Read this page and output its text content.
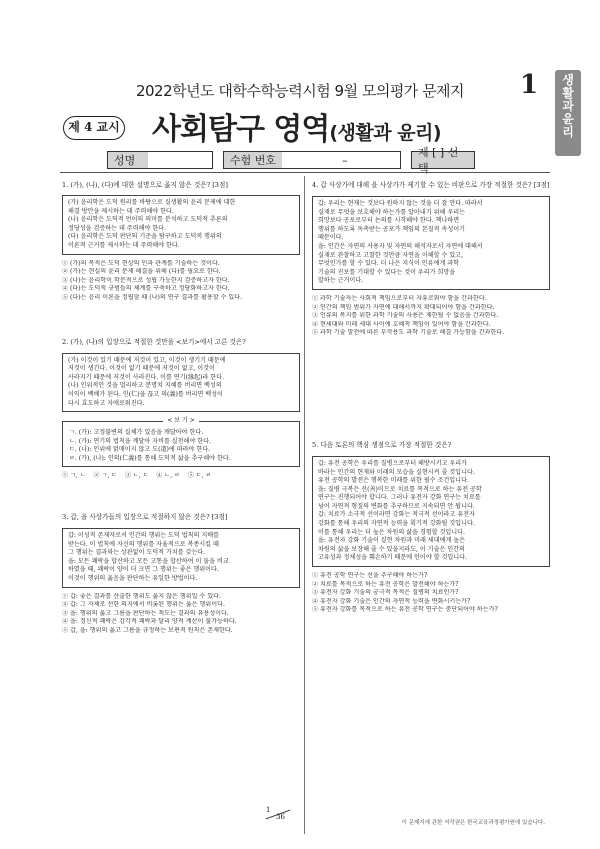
2022학년도 대학수학능력시험 9월 모의평가 문제지	1	생
활
과
윤
리
제 4 교시 사회탐구 영역(생활과 윤리)
성명	수험 번호	–
제 [ ] 선택
1. (가), (나), (다)에 대한 설명으로 옳지 않은 것은? [3점]

(가) 윤리학은 도덕 원리를 바탕으로 실생활의 윤리 문제에 대한

해결 방안을 제시하는 데 주력해야 한다.

(나) 윤리학은 도덕적 언어의 의미를 분석하고 도덕적 추론의

정당성을 검증하는 데 주력해야 한다.

(다) 윤리학은 도덕 판단의 기준을 탐구하고 도덕적 행위의

이론적 근거를 제시하는 데 주력해야 한다.

① (가)의 목적은 도덕 현상의 인과 관계를 기술하는 것이다.
② (가)는 현실의 윤리 문제 해결을 위해 (다)를 필요로 한다.
③ (나)는 윤리학이 학문적으로 성립 가능한지 검증하고자 한다.
④ (다)는 도덕적 규범들의 체계를 구축하고 정당화하고자 한다.
⑤ (다)는 윤리 이론을 정립할 때 (나)의 연구 결과를 활용할 수 있다.
2. (가), (나)의 입장으로 적절한 것만을 <보기>에서 고른 것은?

(가) 이것이 있기 때문에 저것이 있고, 이것이 생기기 때문에

저것이 생긴다. 이것이 없기 때문에 저것이 없고, 이것이

사라지기 때문에 저것이 사라진다. 이를 연기(緣起)라 한다.

(나) 인위적인 것을 멀리하고 분명치 지혜를 버리면 백성의

이익이 백배가 된다. 인(仁)을 끊고 의(義)를 버리면 백성이

다시 효도하고 자애로워진다.

< 보 기 >

ㄱ. (가): 고정불변의 실체가 있음을 깨달아야 한다.

ㄴ. (가): 연기의 법칙을 깨달아 자비를 실천해야 한다.

ㄷ. (나): 인위에 얽매이지 않고 도(道)에 따라야 한다.

ㄹ. (가), (나): 인의(仁義)를 통해 도덕적 삶을 추구해야 한다.

① ㄱ, ㄴ    ② ㄱ, ㄷ    ③ ㄴ, ㄷ    ④ ㄴ, ㄹ    ⑤ ㄷ, ㄹ
3. 갑, 을 사상가들의 입장으로 적절하지 않은 것은? [3점]

갑: 이성적 존재자로서 인간의 행위는 도덕 법칙의 지배를

받는다. 이 법칙에 자신의 행위를 자율적으로 복종시킬 때

그 행위는 결과와는 상관없이 도덕적 가치를 갖는다.

을: 모든 쾌락을 합산하고 모든 고통을 합산하여 이 둘을 비교

하였을 때, 쾌락이 양이 더 크면 그 행위는 좋은 행위이다.

이것이 행위의 옳음을 판단하는 유일한 방법이다.

① 갑: 좋은 결과를 산출한 행위도 옳지 않은 행위일 수 있다.
② 갑: 그 자체로 선한 의지에서 비롯된 행위는 옳은 행위이다.
③ 을: 행위의 옳고 그름을 판단하는 척도는 결과의 유용성이다.
④ 을: 정신적 쾌락은 감각적 쾌락과 달리 양적 계산이 불가능하다.
⑤ 갑, 을: 행위의 옳고 그름을 규정하는 보편적 원칙은 존재한다.
4. 갑 사상가에 대해 을 사상가가 제기할 수 있는 비판으로 가장 적절한 것은? [3점]

갑: 우리는 현재는 것보다 원하지 않는 것을 더 잘 안다. 따라서

실재로 무엇을 보호해야 하는가를 알아내기 위해 우리는

희망보다 공포로부터 논의를 시작해야 한다. 책나하면

행위를 하도록 독촉받는 공포가 책임의 본질적 속성이기

때문이다.

을: 인간은 자연의 사용자 및 자연의 해석자로서 자연에 대해서

실재로 관찰하고 고찰한 것만큼 자연을 이해할 수 있고,

무엇인가를 할 수 있다. 더 나은 지식이 인류에게 과학

기술의 진보를 기대할 수 있다는 것이 우리가 희망을

말하는 근거이다.

① 과학 기술자는 사회적 책임으로부터 자유로워야 함을 간과한다.
② 인간의 책임 범위가 자연에 대해서까지 확대되어야 함을 간과한다.
③ 인류의 복지를 위한 과학 기술의 사용은 제한될 수 없음을 간과한다.
④ 현세대와 미래 세대 사이에 호혜적 책임이 있어야 함을 간과한다.
⑤ 과학 기술 발전에 따른 부작용도 과학 기술로 해결 가능함을 간과한다.
5. 다음 토론의 핵심 쟁점으로 가장 적절한 것은?

갑: 유전 공학은 우리를 질병으로부터 해방시키고 우리가

바라는 인간의 현재와 미래의 모습을 실현시켜 줄 것입니다.

유전 공학의 발전은 행복한 미래를 위한 필수 조건입니다.

을: 질병 극복은 선(善)이므로 치료를 목적으로 하는 유전 공학

연구는 진행되어야 합니다. 그러나 유전자 강화 연구는 치료를

넘어 자연적 형질의 변화를 추구하므로 지속되면 안 됩니다.

갑: 치료가 소극적 선이라면 강화는 적극적 선이라고 유전자

강화를 통해 우리의 자연적 능력을 획기적 강화될 것입니다.

이를 통해 우리는 더 높은 차원의 삶을 경험할 것입니다.

을: 유전자 강화 기술이 실현 차원과 미래 세대에게 높은

차원의 삶을 보장해 줄 수 있을지라도, 이 기술은 인간의

고유성과 정체성을 훼손하기 때문에 인이야 할 것입니다.

① 유전 공학 연구는 선을 추구해야 하는가?
② 치료를 목적으로 하는 유전 공학은 발전해야 하는가?
③ 유전자 강화 기술의 궁극적 목적은 질병의 치료인가?
④ 유전자 강화 기술은 인간의 자연적 능력을 변화시키는가?
⑤ 유전자 강화를 목적으로 하는 유전 공학 연구는 중단되어야 하는가?
1
36
이 문제지에 관한 저작권은 한국교육과정평가원에 있습니다.
